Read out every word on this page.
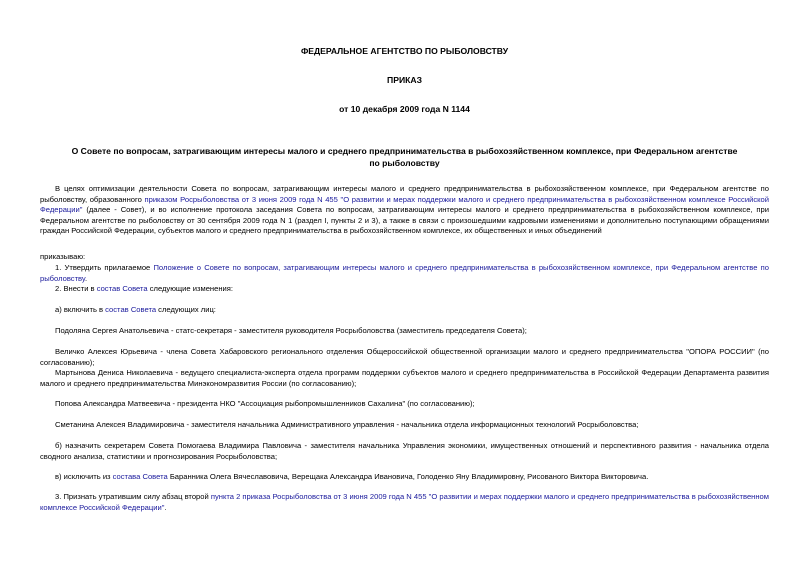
ФЕДЕРАЛЬНОЕ АГЕНТСТВО ПО РЫБОЛОВСТВУ
ПРИКАЗ
от 10 декабря 2009 года N 1144
О Совете по вопросам, затрагивающим интересы малого и среднего предпринимательства в рыбохозяйственном комплексе, при Федеральном агентстве по рыболовству
В целях оптимизации деятельности Совета по вопросам, затрагивающим интересы малого и среднего предпринимательства в рыбохозяйственном комплексе, при Федеральном агентстве по рыболовству, образованного приказом Росрыболовства от 3 июня 2009 года N 455 "О развитии и мерах поддержки малого и среднего предпринимательства в рыбохозяйственном комплексе Российской Федерации" (далее - Совет), и во исполнение протокола заседания Совета по вопросам, затрагивающим интересы малого и среднего предпринимательства в рыбохозяйственном комплексе, при Федеральном агентстве по рыболовству от 30 сентября 2009 года N 1 (раздел I, пункты 2 и 3), а также в связи с произошедшими кадровыми изменениями и дополнительно поступающими обращениями граждан Российской Федерации, субъектов малого и среднего предпринимательства в рыбохозяйственном комплексе, их общественных и иных объединений
приказываю:
1. Утвердить прилагаемое Положение о Совете по вопросам, затрагивающим интересы малого и среднего предпринимательства в рыбохозяйственном комплексе, при Федеральном агентстве по рыболовству.
2. Внести в состав Совета следующие изменения:
а) включить в состав Совета следующих лиц:
Подоляна Сергея Анатольевича - статс-секретаря - заместителя руководителя Росрыболовства (заместитель председателя Совета);
Величко Алексея Юрьевича - члена Совета Хабаровского регионального отделения Общероссийской общественной организации малого и среднего предпринимательства "ОПОРА РОССИИ" (по согласованию);
Мартынова Дениса Николаевича - ведущего специалиста-эксперта отдела программ поддержки субъектов малого и среднего предпринимательства в Российской Федерации Департамента развития малого и среднего предпринимательства Минэкономразвития России (по согласованию);
Попова Александра Матвеевича - президента НКО "Ассоциация рыбопромышленников Сахалина" (по согласованию);
Сметанина Алексея Владимировича - заместителя начальника Административного управления - начальника отдела информационных технологий Росрыболовства;
б) назначить секретарем Совета Помогаева Владимира Павловича - заместителя начальника Управления экономики, имущественных отношений и перспективного развития - начальника отдела сводного анализа, статистики и прогнозирования Росрыболовства;
в) исключить из состава Совета Баранника Олега Вячеславовича, Верещака Александра Ивановича, Голоденко Яну Владимировну, Рисованого Виктора Викторовича.
3. Признать утратившим силу абзац второй пункта 2 приказа Росрыболовства от 3 июня 2009 года N 455 "О развитии и мерах поддержки малого и среднего предпринимательства в рыбохозяйственном комплексе Российской Федерации".
